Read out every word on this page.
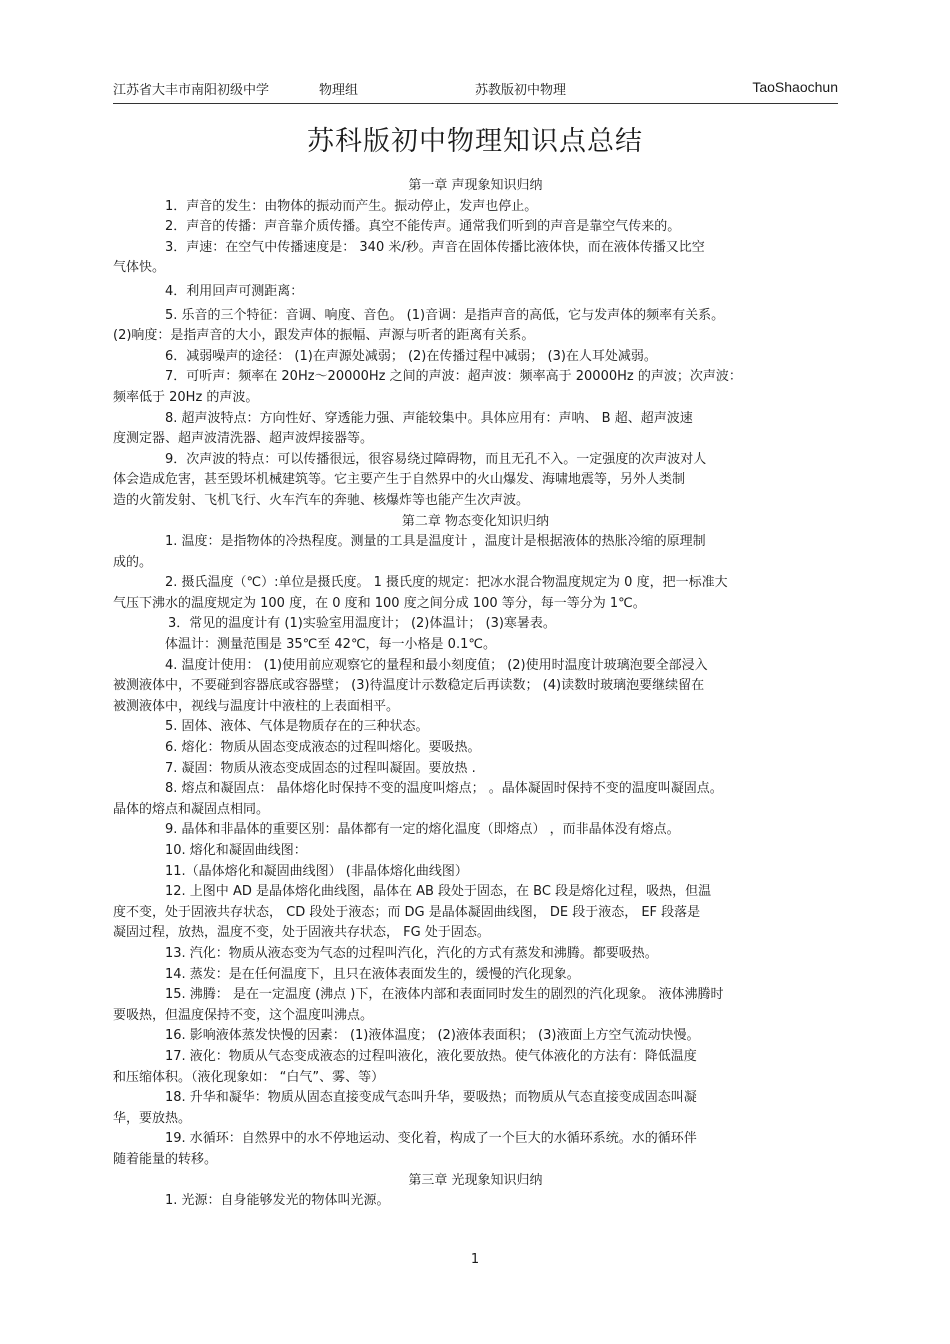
江苏省大丰市南阳初级中学	物理组	苏教版初中物理	TaoShaochun
苏科版初中物理知识点总结

第一章 声现象知识归纳

1．声音的发生：由物体的振动而产生。振动停止，发声也停止。

2．声音的传播：声音靠介质传播。真空不能传声。通常我们听到的声音是靠空气传来的。

3．声速：在空气中传播速度是： 340 米/秒。声音在固体传播比液体快，而在液体传播又比空

气体快。

4．利用回声可测距离：

5. 乐音的三个特征：音调、响度、音色。 (1)音调：是指声音的高低，它与发声体的频率有关系。

(2)响度：是指声音的大小，跟发声体的振幅、声源与听者的距离有关系。

6．减弱噪声的途径： (1)在声源处减弱； (2)在传播过程中减弱； (3)在人耳处减弱。

7．可听声：频率在 20Hz～20000Hz 之间的声波：超声波：频率高于 20000Hz 的声波；次声波：

频率低于 20Hz 的声波。

8. 超声波特点：方向性好、穿透能力强、声能较集中。具体应用有：声呐、 B 超、超声波速

度测定器、超声波清洗器、超声波焊接器等。

9．次声波的特点：可以传播很远，很容易绕过障碍物，而且无孔不入。一定强度的次声波对人

体会造成危害，甚至毁坏机械建筑等。它主要产生于自然界中的火山爆发、海啸地震等，另外人类制

造的火箭发射、飞机飞行、火车汽车的奔驰、核爆炸等也能产生次声波。

第二章 物态变化知识归纳

1. 温度：是指物体的冷热程度。测量的工具是温度计 ，温度计是根据液体的热胀冷缩的原理制

成的。

2. 摄氏温度（℃）:单位是摄氏度。 1 摄氏度的规定：把冰水混合物温度规定为 0 度，把一标准大

气压下沸水的温度规定为 100 度，在 0 度和 100 度之间分成 100 等分，每一等分为 1℃。

3．常见的温度计有 (1)实验室用温度计； (2)体温计； (3)寒暑表。

体温计：测量范围是 35℃至 42℃，每一小格是 0.1℃。

4. 温度计使用： (1)使用前应观察它的量程和最小刻度值； (2)使用时温度计玻璃泡要全部浸入

被测液体中，不要碰到容器底或容器壁； (3)待温度计示数稳定后再读数； (4)读数时玻璃泡要继续留在

被测液体中，视线与温度计中液柱的上表面相平。

5. 固体、液体、气体是物质存在的三种状态。

6. 熔化：物质从固态变成液态的过程叫熔化。要吸热。

7. 凝固：物质从液态变成固态的过程叫凝固。要放热 .

8. 熔点和凝固点： 晶体熔化时保持不变的温度叫熔点； 。晶体凝固时保持不变的温度叫凝固点。

晶体的熔点和凝固点相同。

9. 晶体和非晶体的重要区别：晶体都有一定的熔化温度（即熔点） ，而非晶体没有熔点。

10. 熔化和凝固曲线图：

11.（晶体熔化和凝固曲线图） (非晶体熔化曲线图）

12. 上图中 AD 是晶体熔化曲线图，晶体在 AB 段处于固态，在 BC 段是熔化过程，吸热，但温

度不变，处于固液共存状态， CD 段处于液态；而 DG 是晶体凝固曲线图， DE 段于液态， EF 段落是

凝固过程，放热，温度不变，处于固液共存状态， FG 处于固态。

13. 汽化：物质从液态变为气态的过程叫汽化，汽化的方式有蒸发和沸腾。都要吸热。

14. 蒸发：是在任何温度下，且只在液体表面发生的，缓慢的汽化现象。

15. 沸腾： 是在一定温度 (沸点 )下，在液体内部和表面同时发生的剧烈的汽化现象。 液体沸腾时

要吸热，但温度保持不变，这个温度叫沸点。

16. 影响液体蒸发快慢的因素： (1)液体温度； (2)液体表面积； (3)液面上方空气流动快慢。

17. 液化：物质从气态变成液态的过程叫液化，液化要放热。使气体液化的方法有：降低温度

和压缩体积。（液化现象如： “白气”、雾、等）

18. 升华和凝华：物质从固态直接变成气态叫升华，要吸热；而物质从气态直接变成固态叫凝

华，要放热。

19. 水循环：自然界中的水不停地运动、变化着，构成了一个巨大的水循环系统。水的循环伴

随着能量的转移。

第三章 光现象知识归纳

1. 光源：自身能够发光的物体叫光源。

1
